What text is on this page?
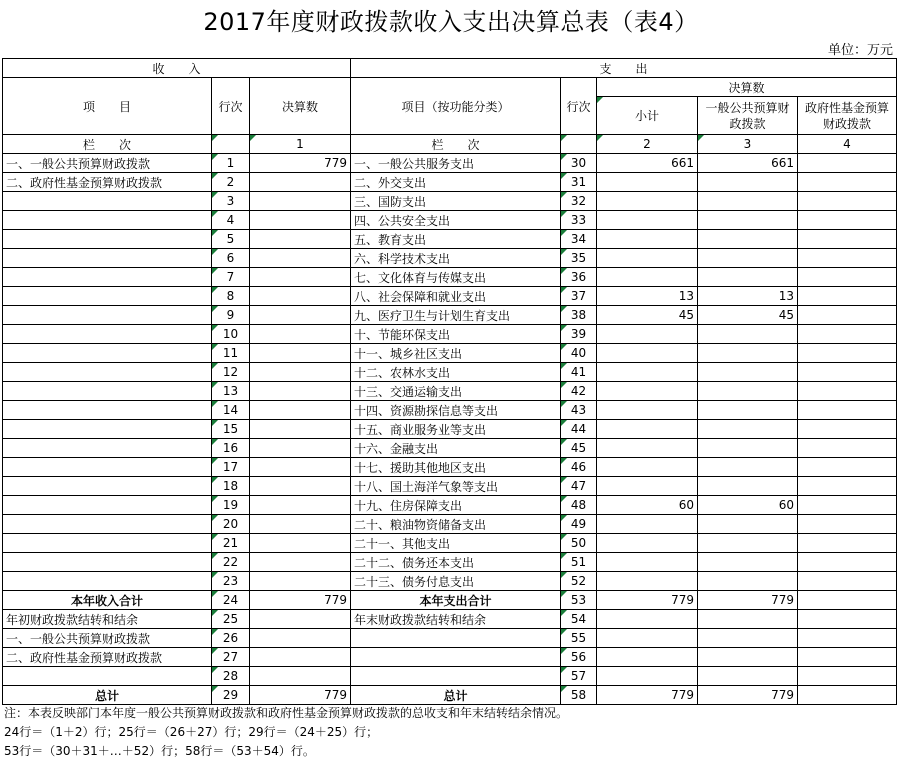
2017年度财政拨款收入支出决算总表（表4）
单位：万元
收　　入			支　　出				
项　　目	行次	决算数	项目（按功能分类）	行次	决算数		
					小计	一般公共预算财政拨款	政府性基金预算财政拨款
栏　　次		1	栏　　次		2	3	4
一、一般公共预算财政拨款	1	779	一、一般公共服务支出	30	661	661	
二、政府性基金预算财政拨款	2		二、外交支出	31			
	3		三、国防支出	32			
	4		四、公共安全支出	33			
	5		五、教育支出	34			
	6		六、科学技术支出	35			
	7		七、文化体育与传媒支出	36			
	8		八、社会保障和就业支出	37	13	13	
	9		九、医疗卫生与计划生育支出	38	45	45	
	10		十、节能环保支出	39			
	11		十一、城乡社区支出	40			
	12		十二、农林水支出	41			
	13		十三、交通运输支出	42			
	14		十四、资源勘探信息等支出	43			
	15		十五、商业服务业等支出	44			
	16		十六、金融支出	45			
	17		十七、援助其他地区支出	46			
	18		十八、国土海洋气象等支出	47			
	19		十九、住房保障支出	48	60	60	
	20		二十、粮油物资储备支出	49			
	21		二十一、其他支出	50			
	22		二十二、债务还本支出	51			
	23		二十三、债务付息支出	52			
本年收入合计	24	779	本年支出合计	53	779	779	
年初财政拨款结转和结余	25		年末财政拨款结转和结余	54			
一、一般公共预算财政拨款	26			55			
二、政府性基金预算财政拨款	27			56			
	28			57			
总计	29	779	总计	58	779	779	
注：本表反映部门本年度一般公共预算财政拨款和政府性基金预算财政拨款的总收支和年末结转结余情况。
24行＝（1＋2）行；25行＝（26＋27）行；29行＝（24＋25）行；
53行＝（30＋31＋…＋52）行；58行＝（53＋54）行。
